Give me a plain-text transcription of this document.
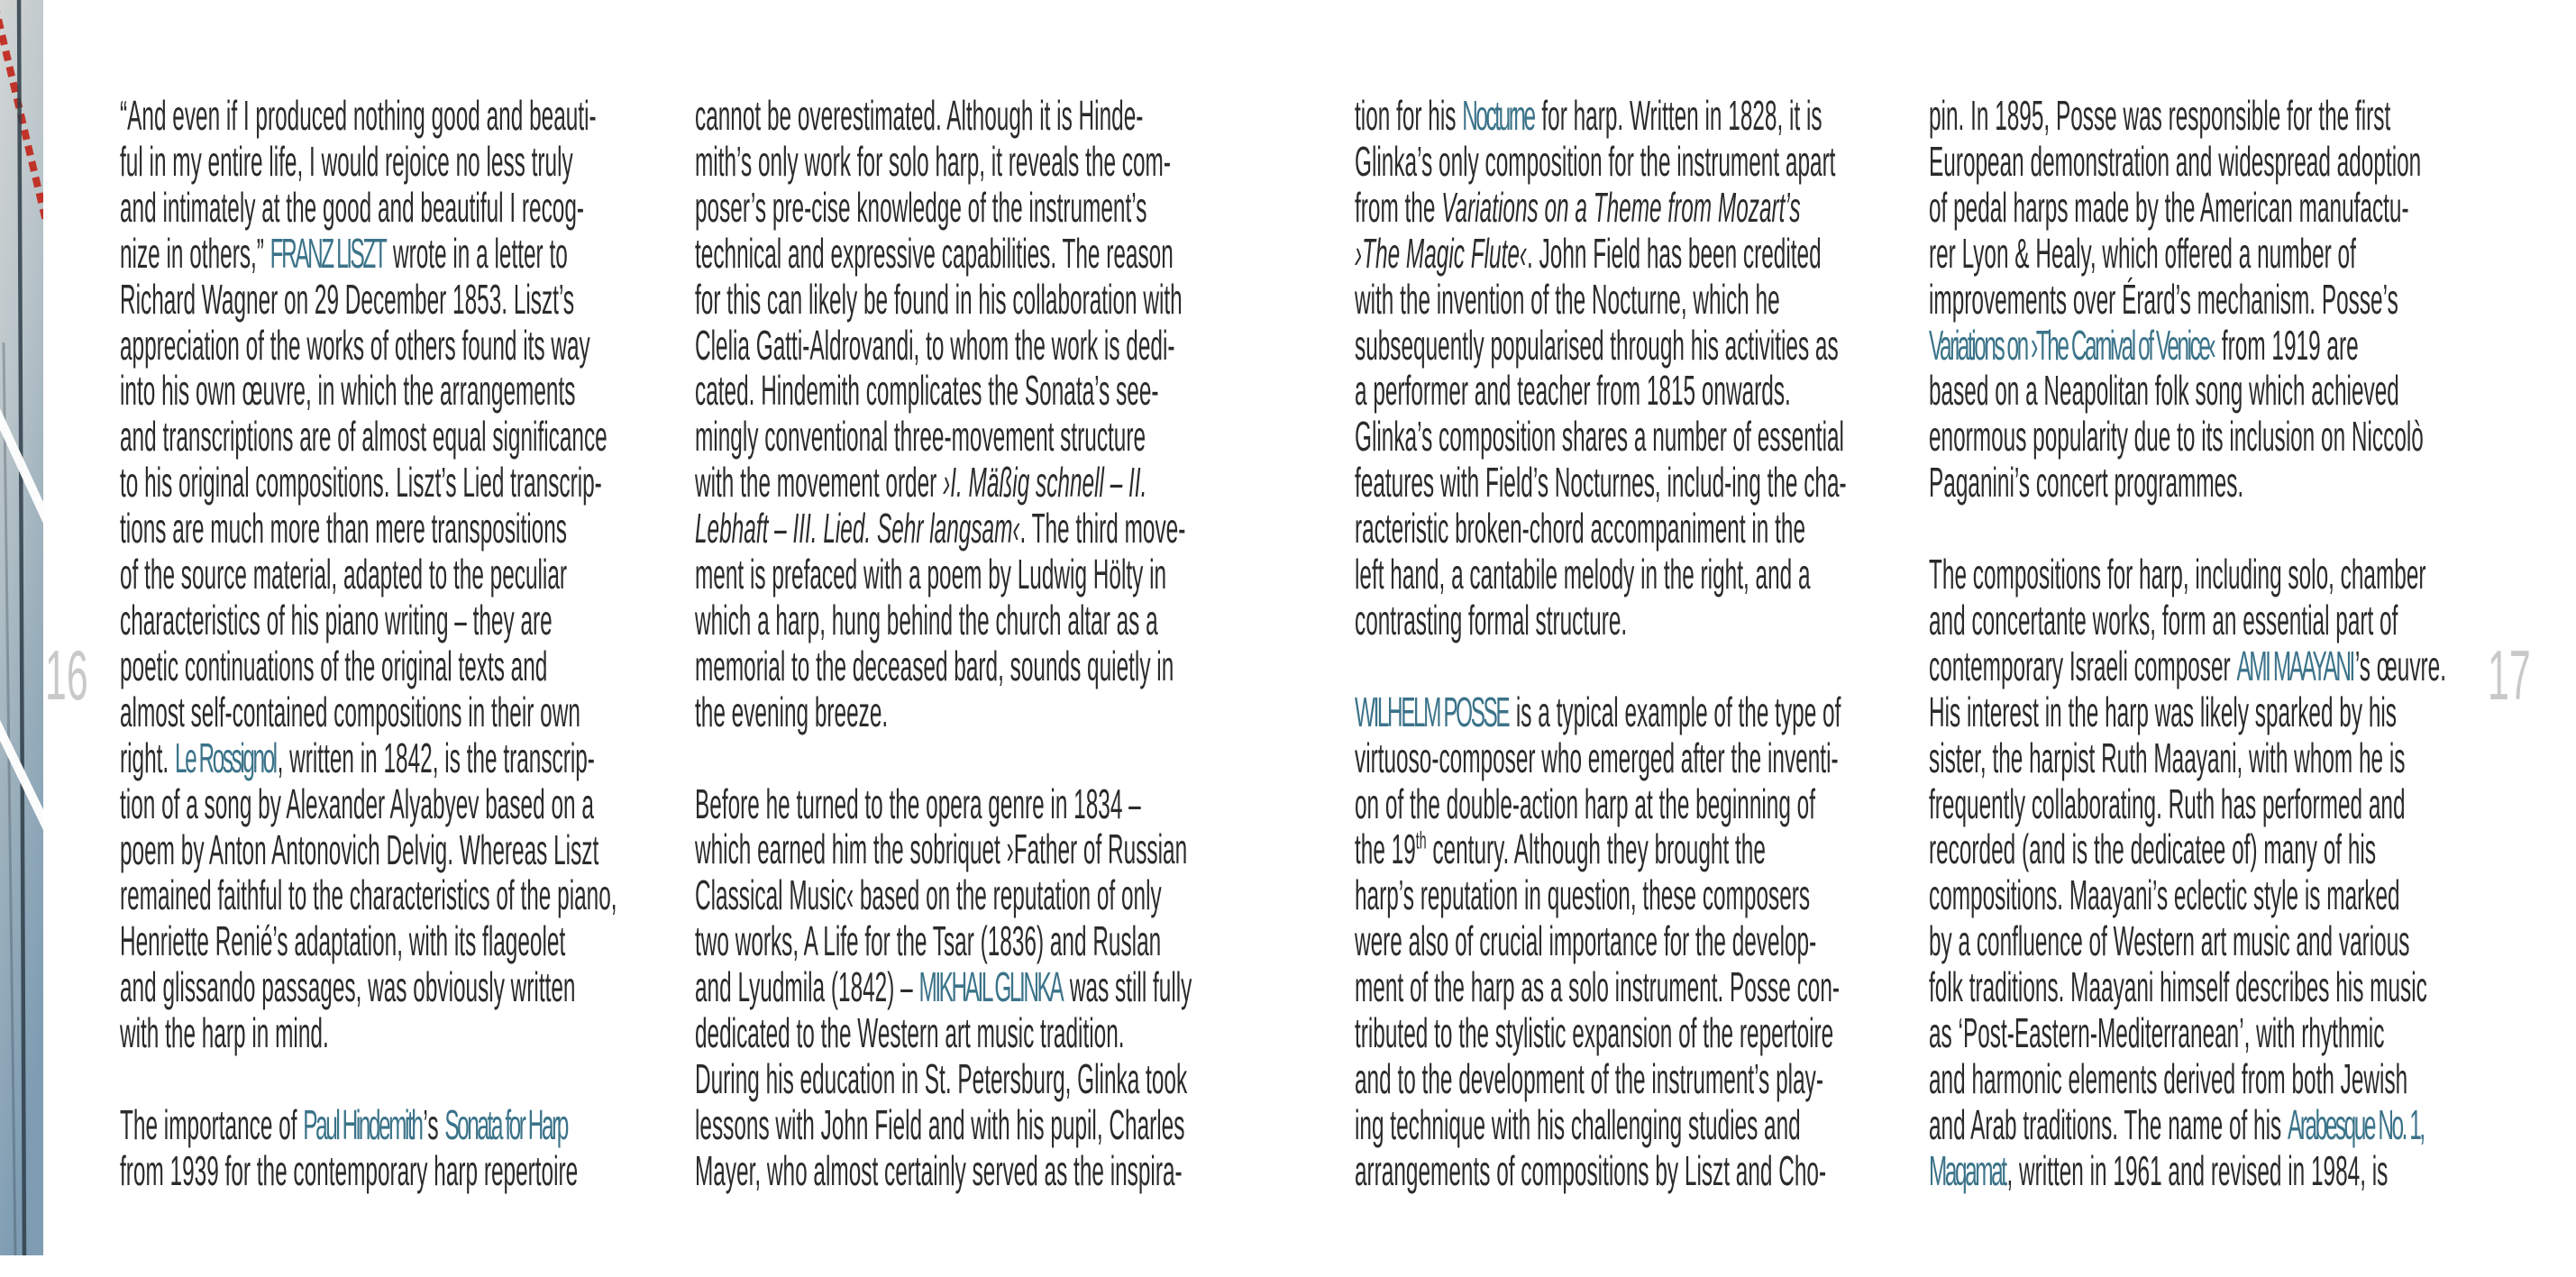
16	17
“And even if I produced nothing good and beauti-
ful in my entire life, I would rejoice no less truly
and intimately at the good and beautiful I recog-
nize in others,” FRANZ LISZT wrote in a letter to
Richard Wagner on 29 December 1853. Liszt’s
appreciation of the works of others found its way
into his own œuvre, in which the arrangements
and transcriptions are of almost equal significance
to his original compositions. Liszt’s Lied transcrip-
tions are much more than mere transpositions
of the source material, adapted to the peculiar
characteristics of his piano writing – they are
poetic continuations of the original texts and
almost self-contained compositions in their own
right. Le Rossignol, written in 1842, is the transcrip-
tion of a song by Alexander Alyabyev based on a
poem by Anton Antonovich Delvig. Whereas Liszt
remained faithful to the characteristics of the piano,
Henriette Renié’s adaptation, with its flageolet
and glissando passages, was obviously written
with the harp in mind.
The importance of Paul Hindemith’s Sonata for Harp
from 1939 for the contemporary harp repertoire
cannot be overestimated. Although it is Hinde-
mith’s only work for solo harp, it reveals the com-
poser’s pre-cise knowledge of the instrument’s
technical and expressive capabilities. The reason
for this can likely be found in his collaboration with
Clelia Gatti-Aldrovandi, to whom the work is dedi-
cated. Hindemith complicates the Sonata’s see-
mingly conventional three-movement structure
with the movement order ›I. Mäßig schnell – II.
Lebhaft – III. Lied. Sehr langsam‹. The third move-
ment is prefaced with a poem by Ludwig Hölty in
which a harp, hung behind the church altar as a
memorial to the deceased bard, sounds quietly in
the evening breeze.
Before he turned to the opera genre in 1834 –
which earned him the sobriquet ›Father of Russian
Classical Music‹ based on the reputation of only
two works, A Life for the Tsar (1836) and Ruslan
and Lyudmila (1842) – MIKHAIL GLINKA was still fully
dedicated to the Western art music tradition.
During his education in St. Petersburg, Glinka took
lessons with John Field and with his pupil, Charles
Mayer, who almost certainly served as the inspira-
tion for his Nocturne for harp. Written in 1828, it is
Glinka’s only composition for the instrument apart
from the Variations on a Theme from Mozart’s
›The Magic Flute‹. John Field has been credited
with the invention of the Nocturne, which he
subsequently popularised through his activities as
a performer and teacher from 1815 onwards.
Glinka’s composition shares a number of essential
features with Field’s Nocturnes, includ-ing the cha-
racteristic broken-chord accompaniment in the
left hand, a cantabile melody in the right, and a
contrasting formal structure.
WILHELM POSSE is a typical example of the type of
virtuoso-composer who emerged after the inventi-
on of the double-action harp at the beginning of
the 19th century. Although they brought the
harp’s reputation in question, these composers
were also of crucial importance for the develop-
ment of the harp as a solo instrument. Posse con-
tributed to the stylistic expansion of the repertoire
and to the development of the instrument’s play-
ing technique with his challenging studies and
arrangements of compositions by Liszt and Cho-
pin. In 1895, Posse was responsible for the first
European demonstration and widespread adoption
of pedal harps made by the American manufactu-
rer Lyon & Healy, which offered a number of
improvements over Érard’s mechanism. Posse’s
Variations on ›The Carnival of Venice‹ from 1919 are
based on a Neapolitan folk song which achieved
enormous popularity due to its inclusion on Niccolò
Paganini’s concert programmes.
The compositions for harp, including solo, chamber
and concertante works, form an essential part of
contemporary Israeli composer AMI MAAYANI’s œuvre.
His interest in the harp was likely sparked by his
sister, the harpist Ruth Maayani, with whom he is
frequently collaborating. Ruth has performed and
recorded (and is the dedicatee of) many of his
compositions. Maayani’s eclectic style is marked
by a confluence of Western art music and various
folk traditions. Maayani himself describes his music
as ‘Post-Eastern-Mediterranean’, with rhythmic
and harmonic elements derived from both Jewish
and Arab traditions. The name of his Arabesque No. 1,
Maqamat, written in 1961 and revised in 1984, is
